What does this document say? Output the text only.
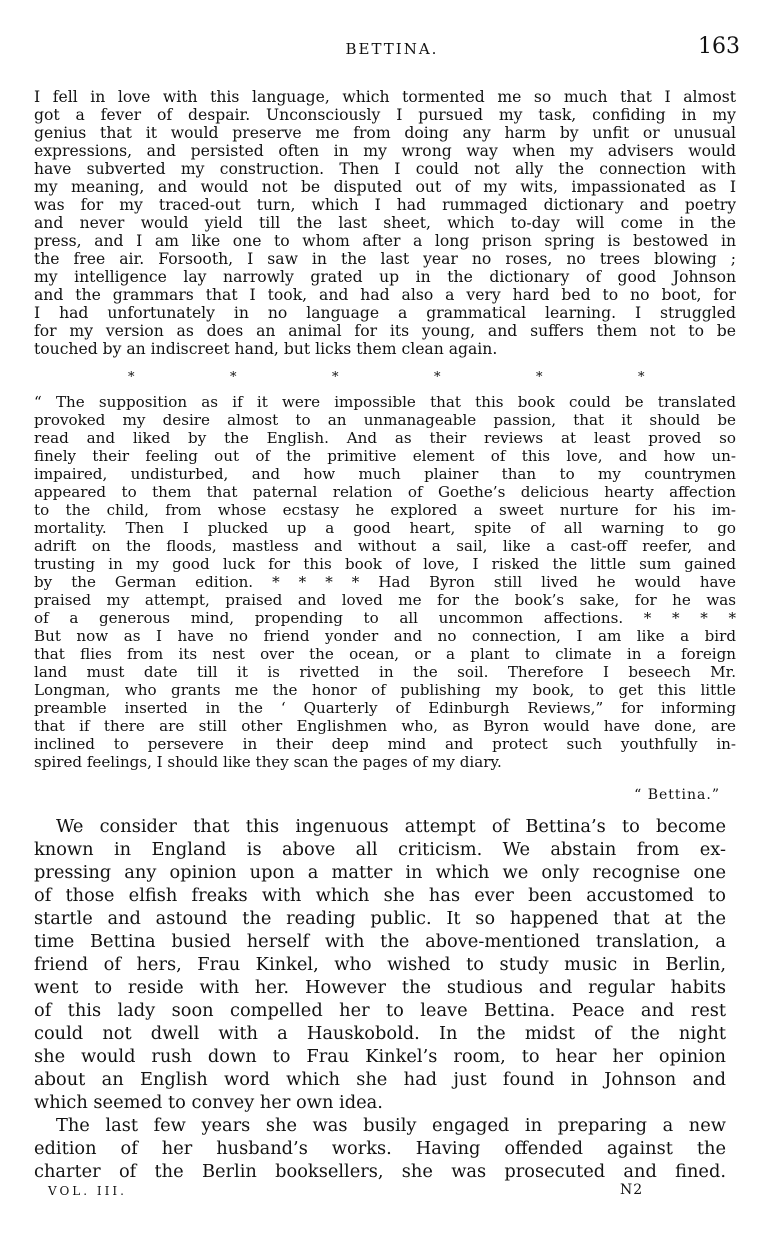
BETTINA.	163
I fell in love with this language, which tormented me so much that I almost
got a fever of despair. Unconsciously I pursued my task, confiding in my
genius that it would preserve me from doing any harm by unfit or unusual
expressions, and persisted often in my wrong way when my advisers would
have subverted my construction. Then I could not ally the connection with
my meaning, and would not be disputed out of my wits, impassionated as I
was for my traced-out turn, which I had rummaged dictionary and poetry
and never would yield till the last sheet, which to-day will come in the
press, and I am like one to whom after a long prison spring is bestowed in
the free air. Forsooth, I saw in the last year no roses, no trees blowing ;
my intelligence lay narrowly grated up in the dictionary of good Johnson
and the grammars that I took, and had also a very hard bed to no boot, for
I had unfortunately in no language a grammatical learning. I struggled
for my version as does an animal for its young, and suffers them not to be
touched by an indiscreet hand, but licks them clean again.
*	*	*	*	*	*
“ The supposition as if it were impossible that this book could be translated
provoked my desire almost to an unmanageable passion, that it should be
read and liked by the English. And as their reviews at least proved so
finely their feeling out of the primitive element of this love, and how un-
impaired, undisturbed, and how much plainer than to my countrymen
appeared to them that paternal relation of Goethe’s delicious hearty affection
to the child, from whose ecstasy he explored a sweet nurture for his im-
mortality. Then I plucked up a good heart, spite of all warning to go
adrift on the floods, mastless and without a sail, like a cast-off reefer, and
trusting in my good luck for this book of love, I risked the little sum gained
by the German edition. * * * * Had Byron still lived he would have
praised my attempt, praised and loved me for the book’s sake, for he was
of a generous mind, propending to all uncommon affections. * * * *
But now as I have no friend yonder and no connection, I am like a bird
that flies from its nest over the ocean, or a plant to climate in a foreign
land must date till it is rivetted in the soil. Therefore I beseech Mr.
Longman, who grants me the honor of publishing my book, to get this little
preamble inserted in the ‘ Quarterly of Edinburgh Reviews,” for informing
that if there are still other Englishmen who, as Byron would have done, are
inclined to persevere in their deep mind and protect such youthfully in-
spired feelings, I should like they scan the pages of my diary.
“ Bettina.”
We consider that this ingenuous attempt of Bettina’s to become
known in England is above all criticism. We abstain from ex-
pressing any opinion upon a matter in which we only recognise one
of those elfish freaks with which she has ever been accustomed to
startle and astound the reading public. It so happened that at the
time Bettina busied herself with the above-mentioned translation, a
friend of hers, Frau Kinkel, who wished to study music in Berlin,
went to reside with her. However the studious and regular habits
of this lady soon compelled her to leave Bettina. Peace and rest
could not dwell with a Hauskobold. In the midst of the night
she would rush down to Frau Kinkel’s room, to hear her opinion
about an English word which she had just found in Johnson and
which seemed to convey her own idea.
The last few years she was busily engaged in preparing a new
edition of her husband’s works. Having offended against the
charter of the Berlin booksellers, she was prosecuted and fined.
VOL. III.	N2
